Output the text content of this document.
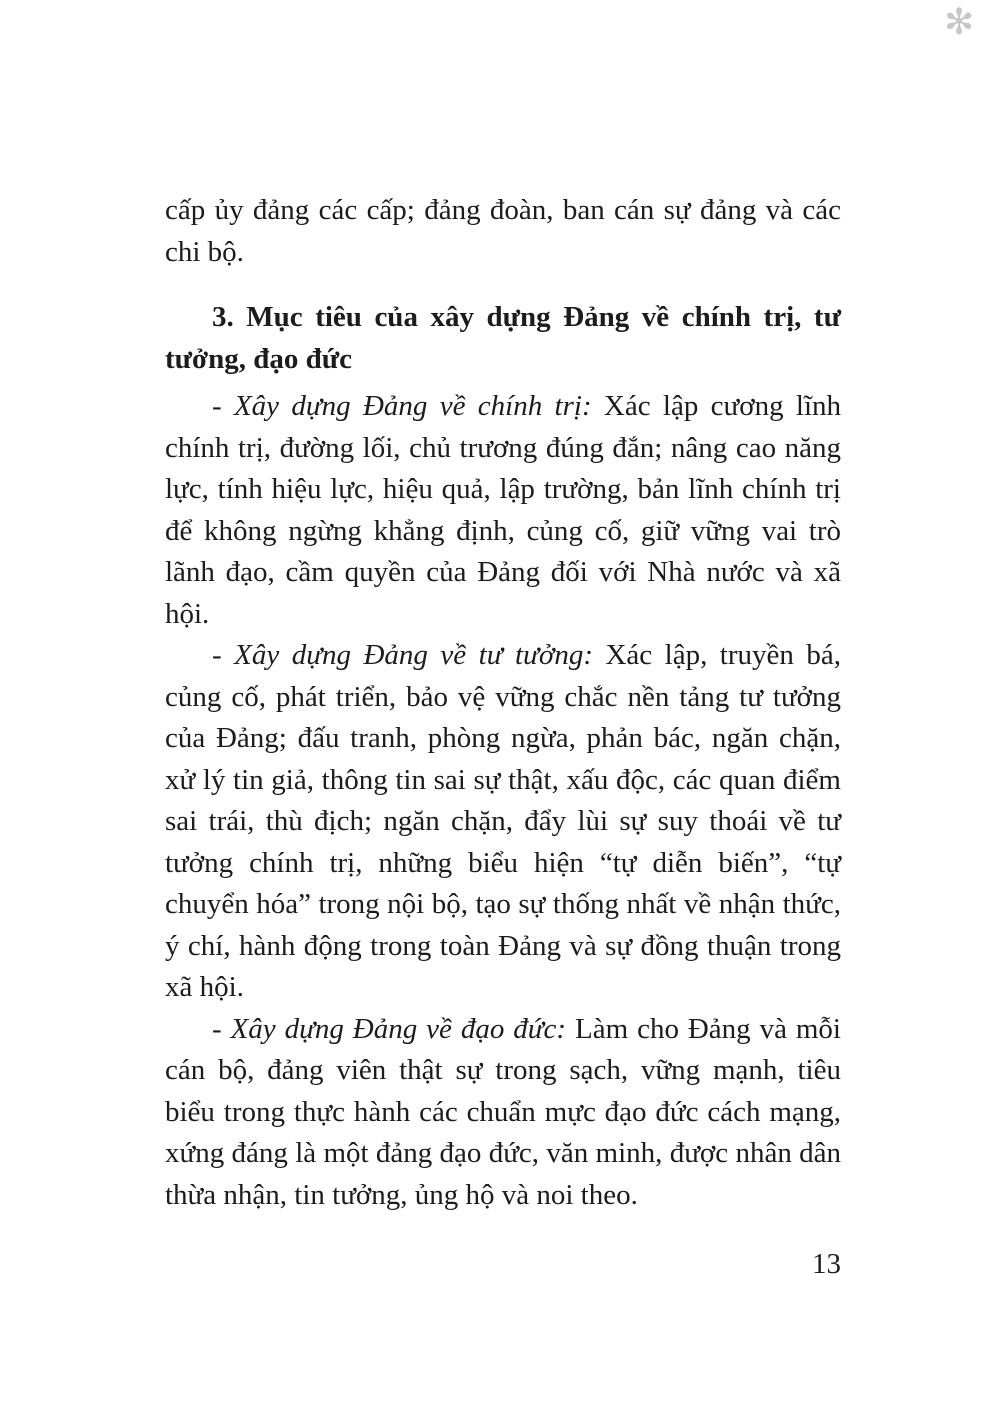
✻

cấp ủy đảng các cấp; đảng đoàn, ban cán sự đảng và các chi bộ.

3. Mục tiêu của xây dựng Đảng về chính trị, tư tưởng, đạo đức

- Xây dựng Đảng về chính trị: Xác lập cương lĩnh chính trị, đường lối, chủ trương đúng đắn; nâng cao năng lực, tính hiệu lực, hiệu quả, lập trường, bản lĩnh chính trị để không ngừng khẳng định, củng cố, giữ vững vai trò lãnh đạo, cầm quyền của Đảng đối với Nhà nước và xã hội.

- Xây dựng Đảng về tư tưởng: Xác lập, truyền bá, củng cố, phát triển, bảo vệ vững chắc nền tảng tư tưởng của Đảng; đấu tranh, phòng ngừa, phản bác, ngăn chặn, xử lý tin giả, thông tin sai sự thật, xấu độc, các quan điểm sai trái, thù địch; ngăn chặn, đẩy lùi sự suy thoái về tư tưởng chính trị, những biểu hiện “tự diễn biến”, “tự chuyển hóa” trong nội bộ, tạo sự thống nhất về nhận thức, ý chí, hành động trong toàn Đảng và sự đồng thuận trong xã hội.

- Xây dựng Đảng về đạo đức: Làm cho Đảng và mỗi cán bộ, đảng viên thật sự trong sạch, vững mạnh, tiêu biểu trong thực hành các chuẩn mực đạo đức cách mạng, xứng đáng là một đảng đạo đức, văn minh, được nhân dân thừa nhận, tin tưởng, ủng hộ và noi theo.

13
